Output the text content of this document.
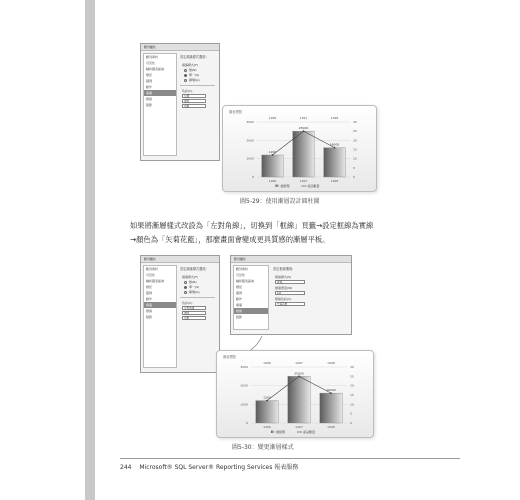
數列屬性
數列資料
可見性
軸和圖表區域
標記
圖例
動作
填滿
框線
陰影
設定填滿樣式選項：
填滿樣式(F)
無(N)
單一(S)
漸層(G)
色彩(C)
左側
透明
自動
圖表標題
3000
2000
1000
0
30
25
20
15
10
5
0
1200
1996
1996
25000
1997
1997
16000
1998
1998
總經理	產品數量
圖5-29：使用漸層設計圓柱圖
如果將漸層樣式改設為「左對角線」，切換到「框線」頁籤→設定框線為實線
→顏色為「矢菊花藍」，那麼畫面會變成更具質感的漸層平板。
數列屬性
數列資料
可見性
軸和圖表區域
標記
圖例
動作
填滿
框線
陰影
設定填滿樣式選項：
填滿樣式(F)
無(N)
單一(S)
漸層(G)
色彩(C)
左對角線
透明
自動
數列屬性
數列資料
可見性
軸和圖表區域
標記
圖例
動作
填滿
框線
陰影
設定框線選項：
框線樣式(S)
實線
框線寬度(W)
1pt
框線色彩(C)
矢菊花藍
圖表標題
3000
2000
1000
0
30
25
20
15
10
5
0
1200
1996
1996
25000
1997
1997
16000
1998
1998
總經理	產品數量
圖5-30：變更漸層樣式
244 Microsoft® SQL Server® Reporting Services 報表服務
